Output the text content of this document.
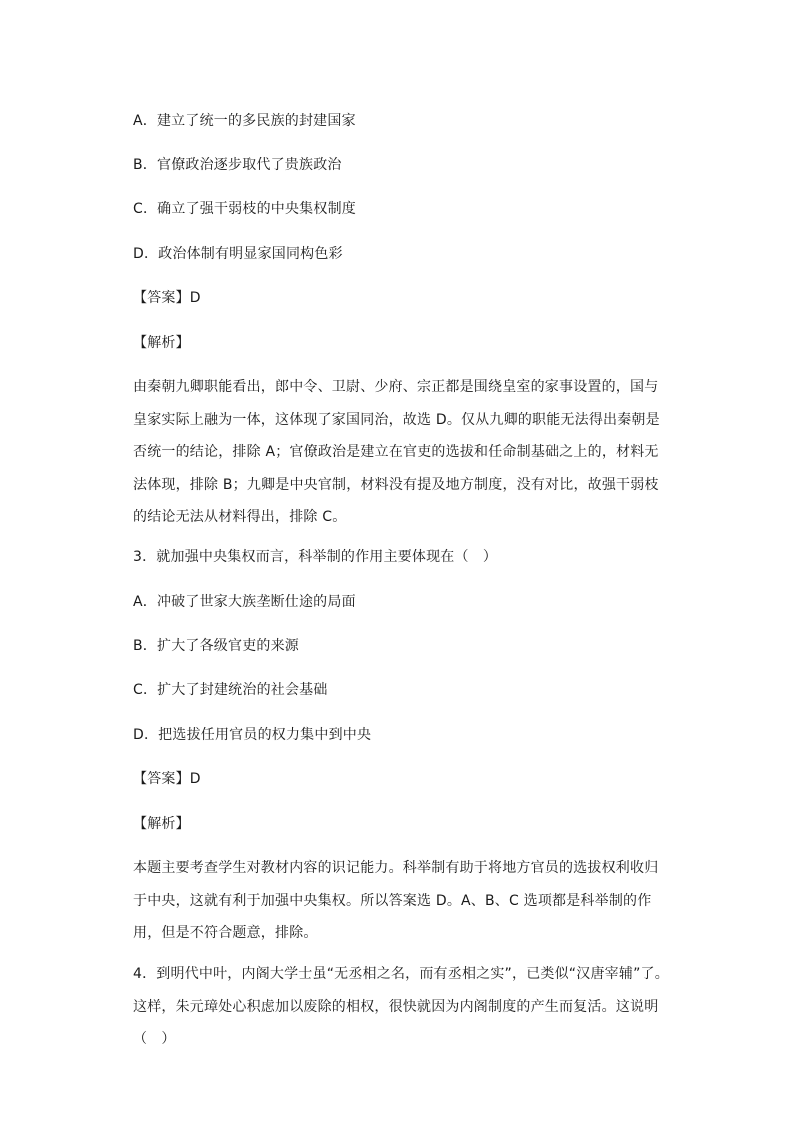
A．建立了统一的多民族的封建国家
B．官僚政治逐步取代了贵族政治
C．确立了强干弱枝的中央集权制度
D．政治体制有明显家国同构色彩
【答案】D
【解析】
由秦朝九卿职能看出，郎中令、卫尉、少府、宗正都是围绕皇室的家事设置的，国与
皇家实际上融为一体，这体现了家国同治，故选 D。仅从九卿的职能无法得出秦朝是
否统一的结论，排除 A；官僚政治是建立在官吏的选拔和任命制基础之上的，材料无
法体现，排除 B；九卿是中央官制，材料没有提及地方制度，没有对比，故强干弱枝
的结论无法从材料得出，排除 C。
3．就加强中央集权而言，科举制的作用主要体现在（　）
A．冲破了世家大族垄断仕途的局面
B．扩大了各级官吏的来源
C．扩大了封建统治的社会基础
D．把选拔任用官员的权力集中到中央
【答案】D
【解析】
本题主要考查学生对教材内容的识记能力。科举制有助于将地方官员的选拔权利收归
于中央，这就有利于加强中央集权。所以答案选 D。A、B、C 选项都是科举制的作
用，但是不符合题意，排除。
4．到明代中叶，内阁大学士虽“无丞相之名，而有丞相之实”，已类似“汉唐宰辅”了。
这样，朱元璋处心积虑加以废除的相权，很快就因为内阁制度的产生而复活。这说明
（　）
